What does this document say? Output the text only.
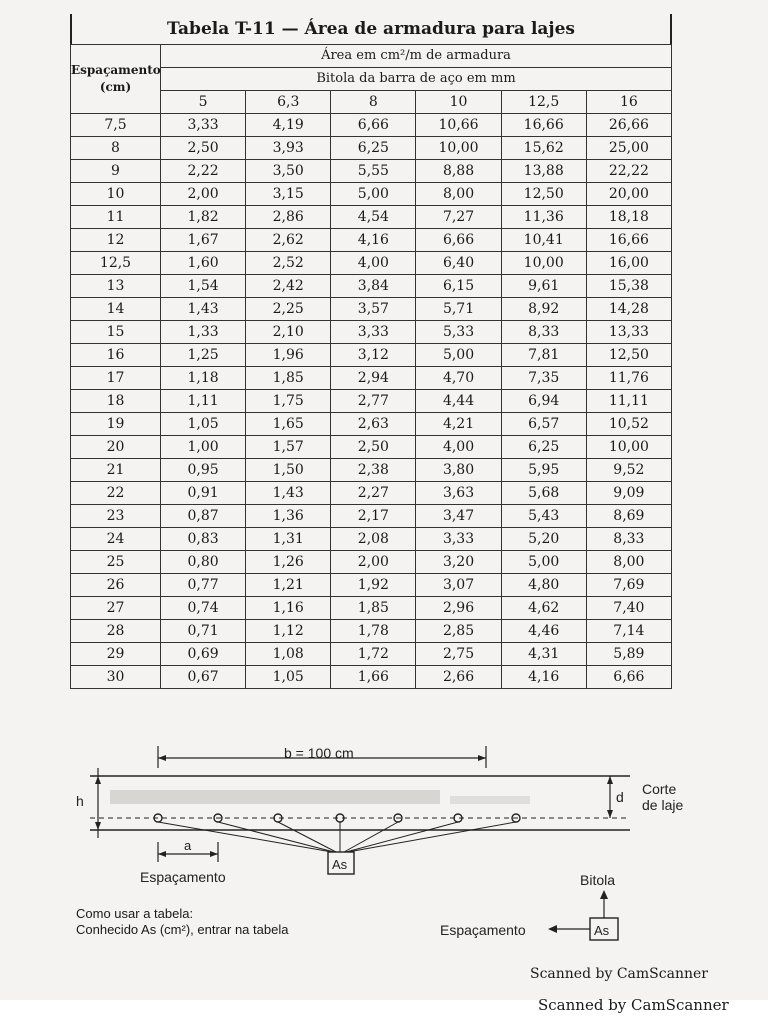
Tabela T-11 — Área de armadura para lajes
Espaçamento (cm)	Área em cm²/m de armadura					
	Bitola da barra de aço em mm					
	5	6,3	8	10	12,5	16
7,5	3,33	4,19	6,66	10,66	16,66	26,66
8	2,50	3,93	6,25	10,00	15,62	25,00
9	2,22	3,50	5,55	8,88	13,88	22,22
10	2,00	3,15	5,00	8,00	12,50	20,00
11	1,82	2,86	4,54	7,27	11,36	18,18
12	1,67	2,62	4,16	6,66	10,41	16,66
12,5	1,60	2,52	4,00	6,40	10,00	16,00
13	1,54	2,42	3,84	6,15	9,61	15,38
14	1,43	2,25	3,57	5,71	8,92	14,28
15	1,33	2,10	3,33	5,33	8,33	13,33
16	1,25	1,96	3,12	5,00	7,81	12,50
17	1,18	1,85	2,94	4,70	7,35	11,76
18	1,11	1,75	2,77	4,44	6,94	11,11
19	1,05	1,65	2,63	4,21	6,57	10,52
20	1,00	1,57	2,50	4,00	6,25	10,00
21	0,95	1,50	2,38	3,80	5,95	9,52
22	0,91	1,43	2,27	3,63	5,68	9,09
23	0,87	1,36	2,17	3,47	5,43	8,69
24	0,83	1,31	2,08	3,33	5,20	8,33
25	0,80	1,26	2,00	3,20	5,00	8,00
26	0,77	1,21	1,92	3,07	4,80	7,69
27	0,74	1,16	1,85	2,96	4,62	7,40
28	0,71	1,12	1,78	2,85	4,46	7,14
29	0,69	1,08	1,72	2,75	4,31	5,89
30	0,67	1,05	1,66	2,66	4,16	6,66
b = 100 cm
h	d Corte
de laje
As
a
Espaçamento	Bitola
As
Espaçamento
Como usar a tabela:
Conhecido As (cm²), entrar na tabela
Scanned by CamScanner
Scanned by CamScanner
